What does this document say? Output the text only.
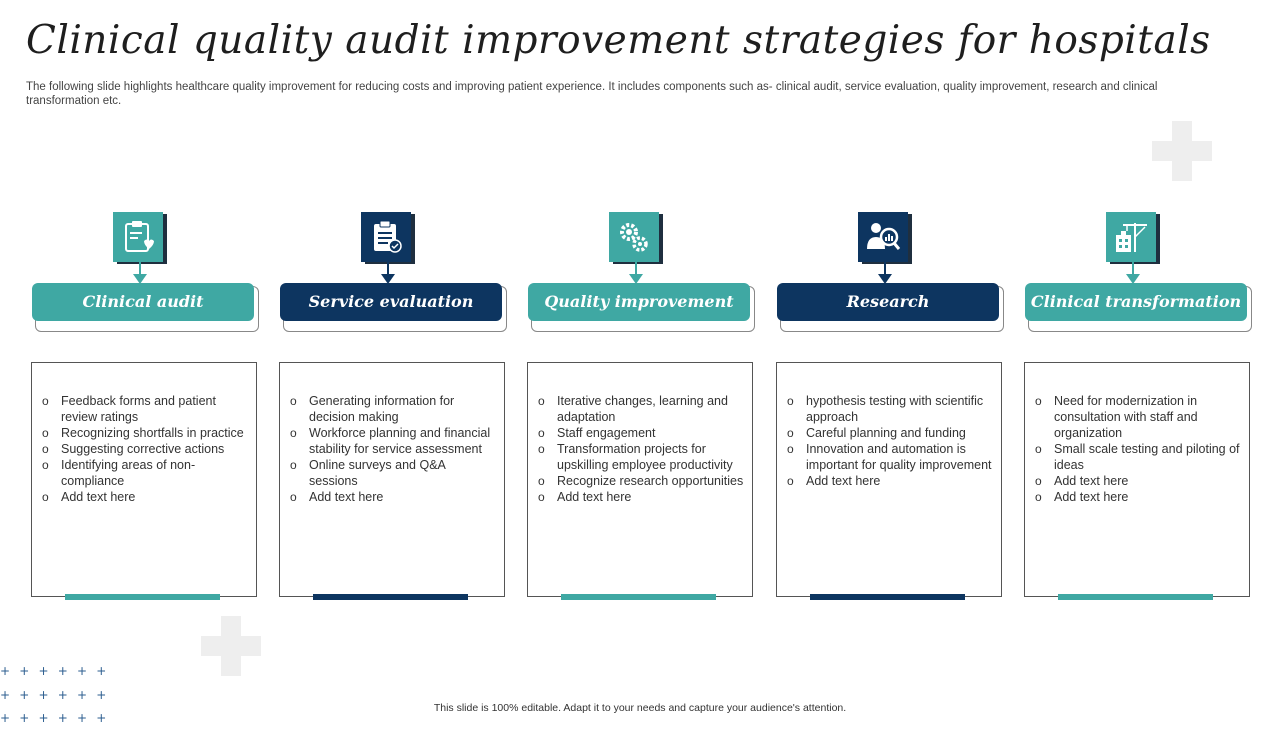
Clinical quality audit improvement strategies for hospitals
The following slide highlights healthcare quality improvement for reducing costs and improving patient experience. It includes components such as- clinical audit, service evaluation, quality improvement, research and clinical transformation etc.
++++++
++++++
++++++
Clinical audit
o Feedback forms and patient review ratings
o Recognizing shortfalls in practice
o Suggesting corrective actions
o Identifying areas of non-compliance
o Add text here
Service evaluation
o Generating information for decision making
o Workforce planning and financial stability for service assessment
o Online surveys and Q&A sessions
o Add text here
Quality improvement
o Iterative changes, learning and adaptation
o Staff engagement
o Transformation projects for upskilling employee productivity
o Recognize research opportunities
o Add text here
Research
o hypothesis testing with scientific approach
o Careful planning and funding
o Innovation and automation is important for quality improvement
o Add text here
Clinical transformation
o Need for modernization in consultation with staff and organization
o Small scale testing and piloting of ideas
o Add text here
o Add text here
This slide is 100% editable. Adapt it to your needs and capture your audience's attention.
